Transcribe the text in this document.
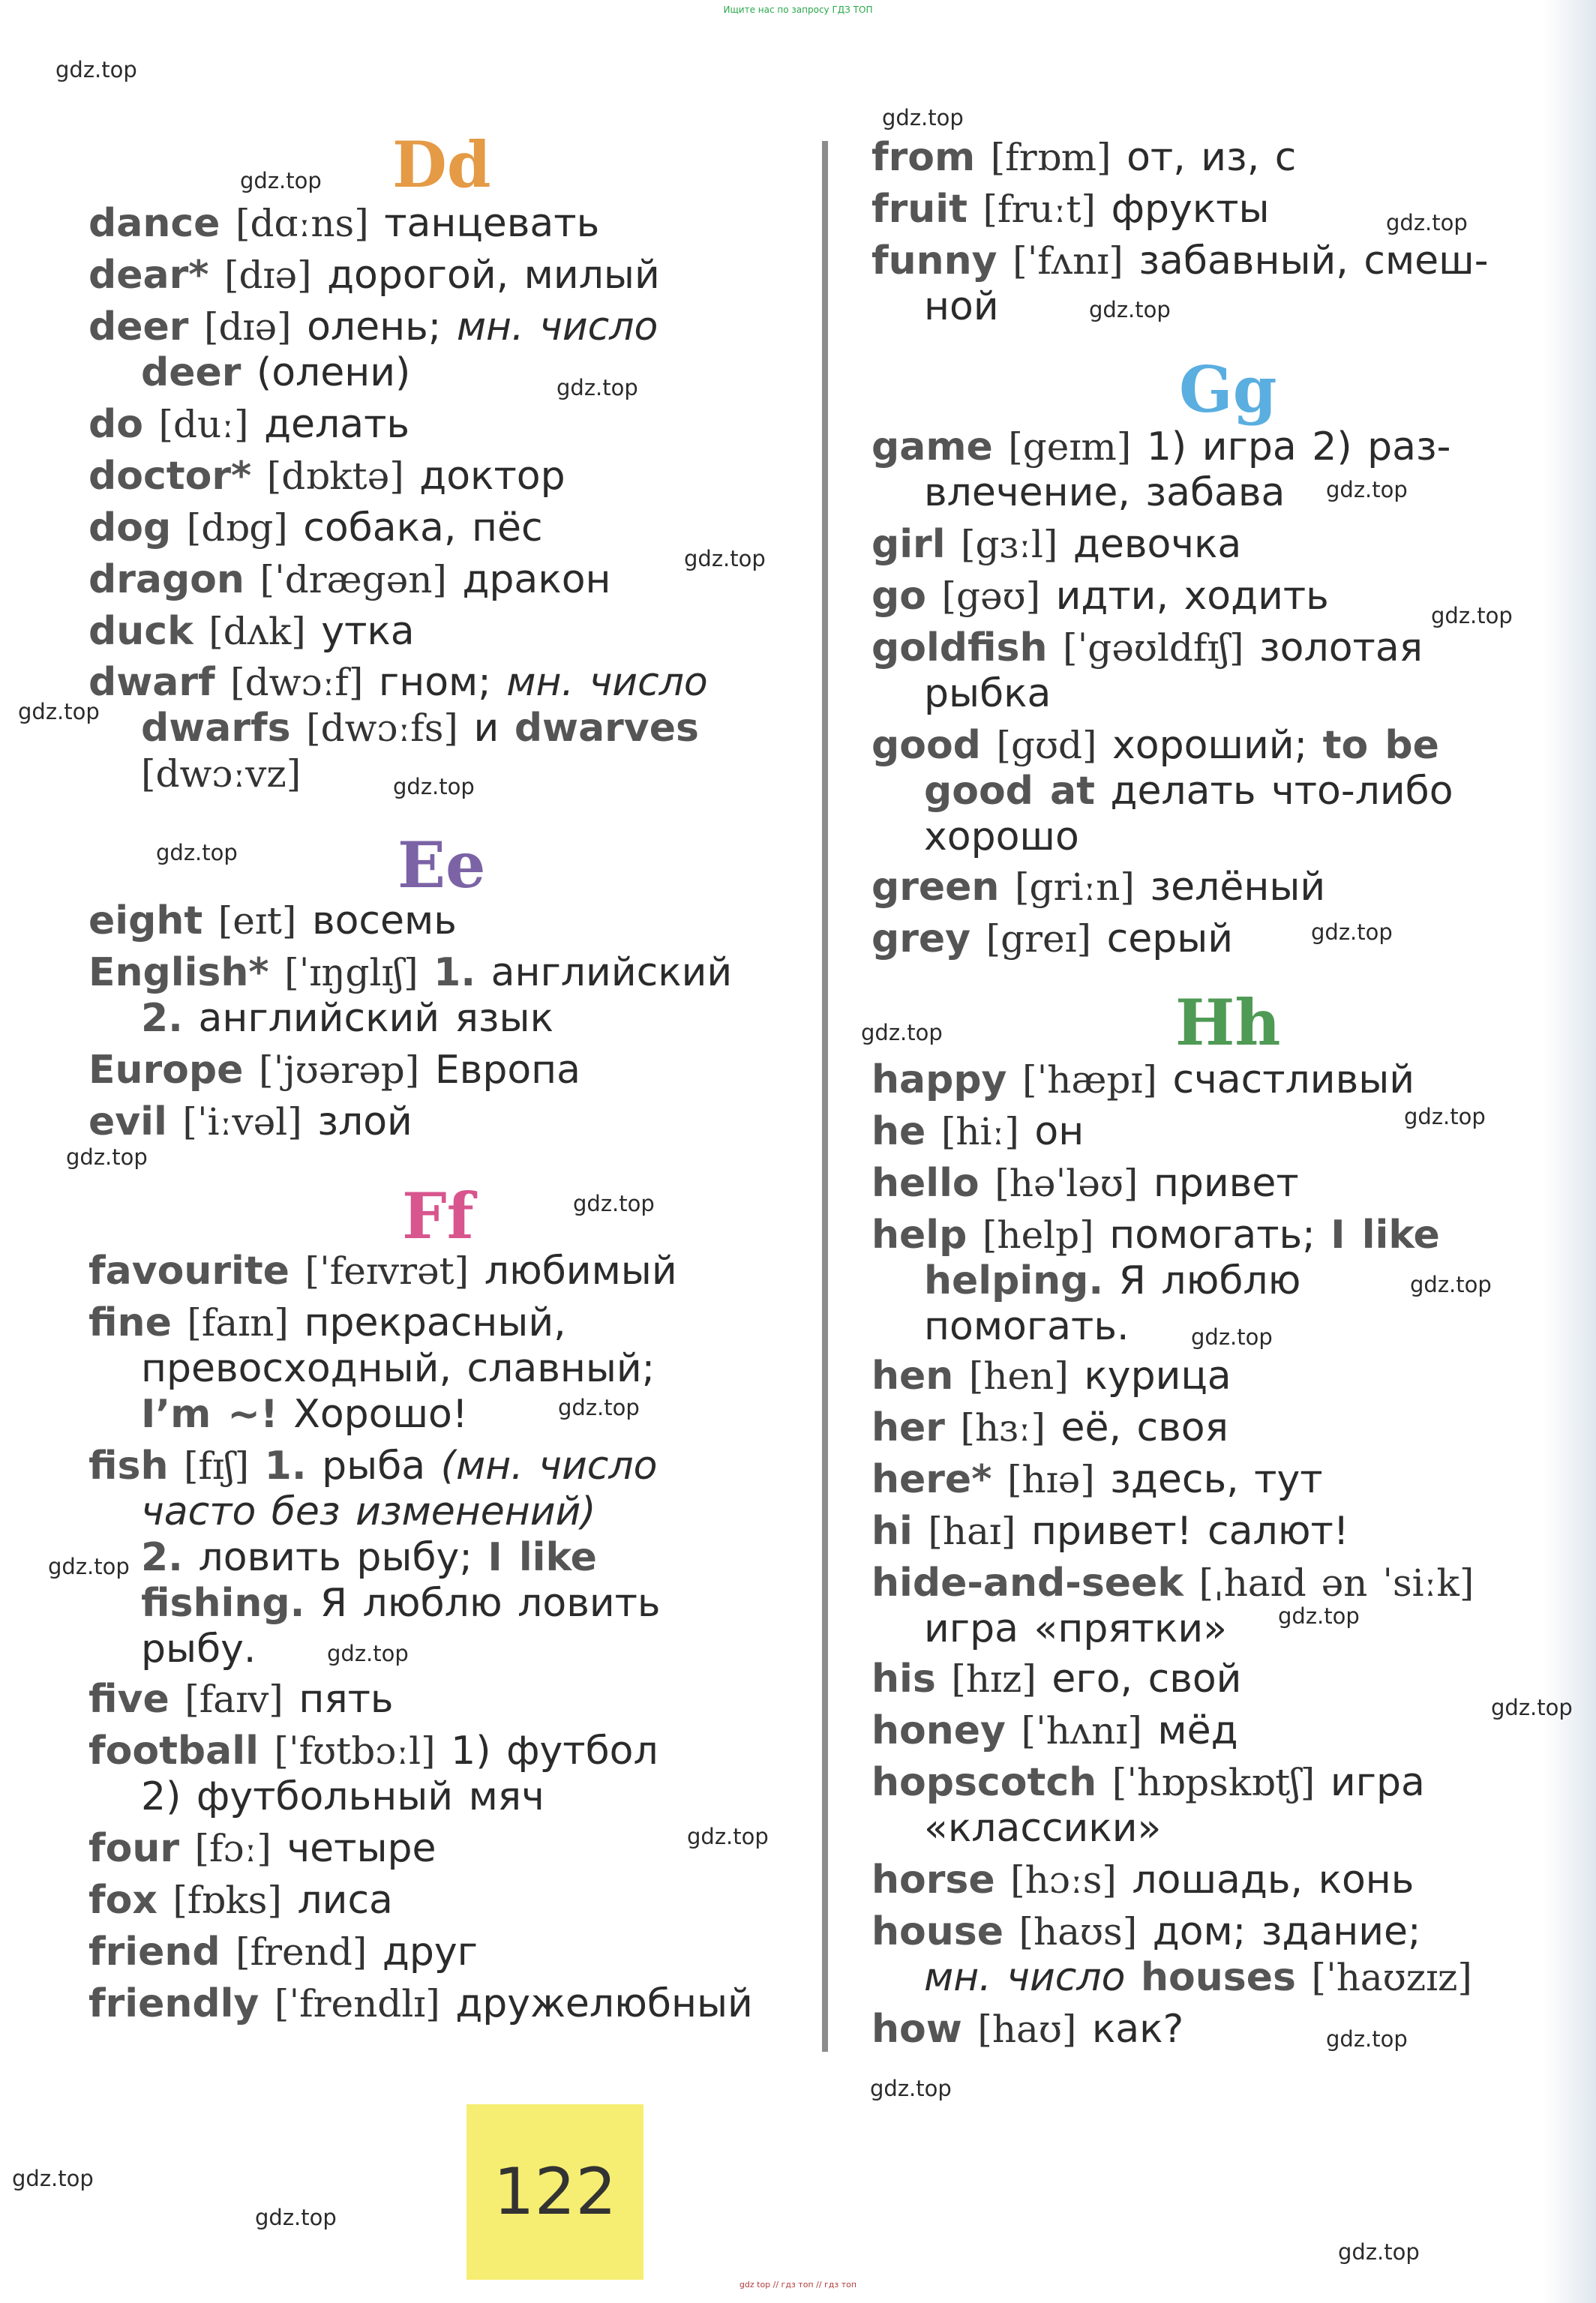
Ищите нас по запросу ГДЗ ТОП
Dd
dance [dɑːns] танцевать
dear* [dɪə] дорогой, милый
deer [dɪə] олень; мн. число
deer (олени)
do [duː] делать
doctor* [dɒktə] доктор
dog [dɒg] собака, пёс
dragon [ˈdrægən] дракон
duck [dʌk] утка
dwarf [dwɔːf] гном; мн. число
dwarfs [dwɔːfs] и dwarves
[dwɔːvz]
Ee
eight [eɪt] восемь
English* [ˈɪŋglɪʃ] 1. английский
2. английский язык
Europe [ˈjʊərəp] Европа
evil [ˈiːvəl] злой
Ff
favourite [ˈfeɪvrət] любимый
fine [faɪn] прекрасный,
превосходный, славный;
I’m ~! Хорошо!
fish [fɪʃ] 1. рыба (мн. число
часто без изменений)
2. ловить рыбу; I like
fishing. Я люблю ловить
рыбу.
five [faɪv] пять
football [ˈfʊtbɔːl] 1) футбол
2) футбольный мяч
four [fɔː] четыре
fox [fɒks] лиса
friend [frend] друг
friendly [ˈfrendlɪ] дружелюбный
from [frɒm] от, из, с
fruit [fruːt] фрукты
funny [ˈfʌnɪ] забавный, смеш-
ной
Gg
game [geɪm] 1) игра 2) раз-
влечение, забава
girl [gɜːl] девочка
go [gəʊ] идти, ходить
goldfish [ˈgəʊldfɪʃ] золотая
рыбка
good [gʊd] хороший; to be
good at делать что-либо
хорошо
green [griːn] зелёный
grey [greɪ] серый
Hh
happy [ˈhæpɪ] счастливый
he [hiː] он
hello [həˈləʊ] привет
help [help] помогать; I like
helping. Я люблю
помогать.
hen [hen] курица
her [hɜː] её, своя
here* [hɪə] здесь, тут
hi [haɪ] привет! салют!
hide-and-seek [ˌhaɪd ən ˈsiːk]
игра «прятки»
his [hɪz] его, свой
honey [ˈhʌnɪ] мёд
hopscotch [ˈhɒpskɒtʃ] игра
«классики»
horse [hɔːs] лошадь, конь
house [haʊs] дом; здание;
мн. число houses [ˈhaʊzɪz]
how [haʊ] как?
gdz.top
gdz.top
gdz.top
gdz.top
gdz.top
gdz.top
gdz.top
gdz.top
gdz.top
gdz.top
gdz.top
gdz.top
gdz.top
gdz.top
gdz.top
gdz.top
gdz.top
gdz.top
gdz.top
gdz.top
gdz.top
gdz.top
gdz.top
gdz.top
gdz.top
gdz.top
gdz.top
gdz.top
gdz.top
gdz.top
122
gdz top // гдз топ // гдз топ
